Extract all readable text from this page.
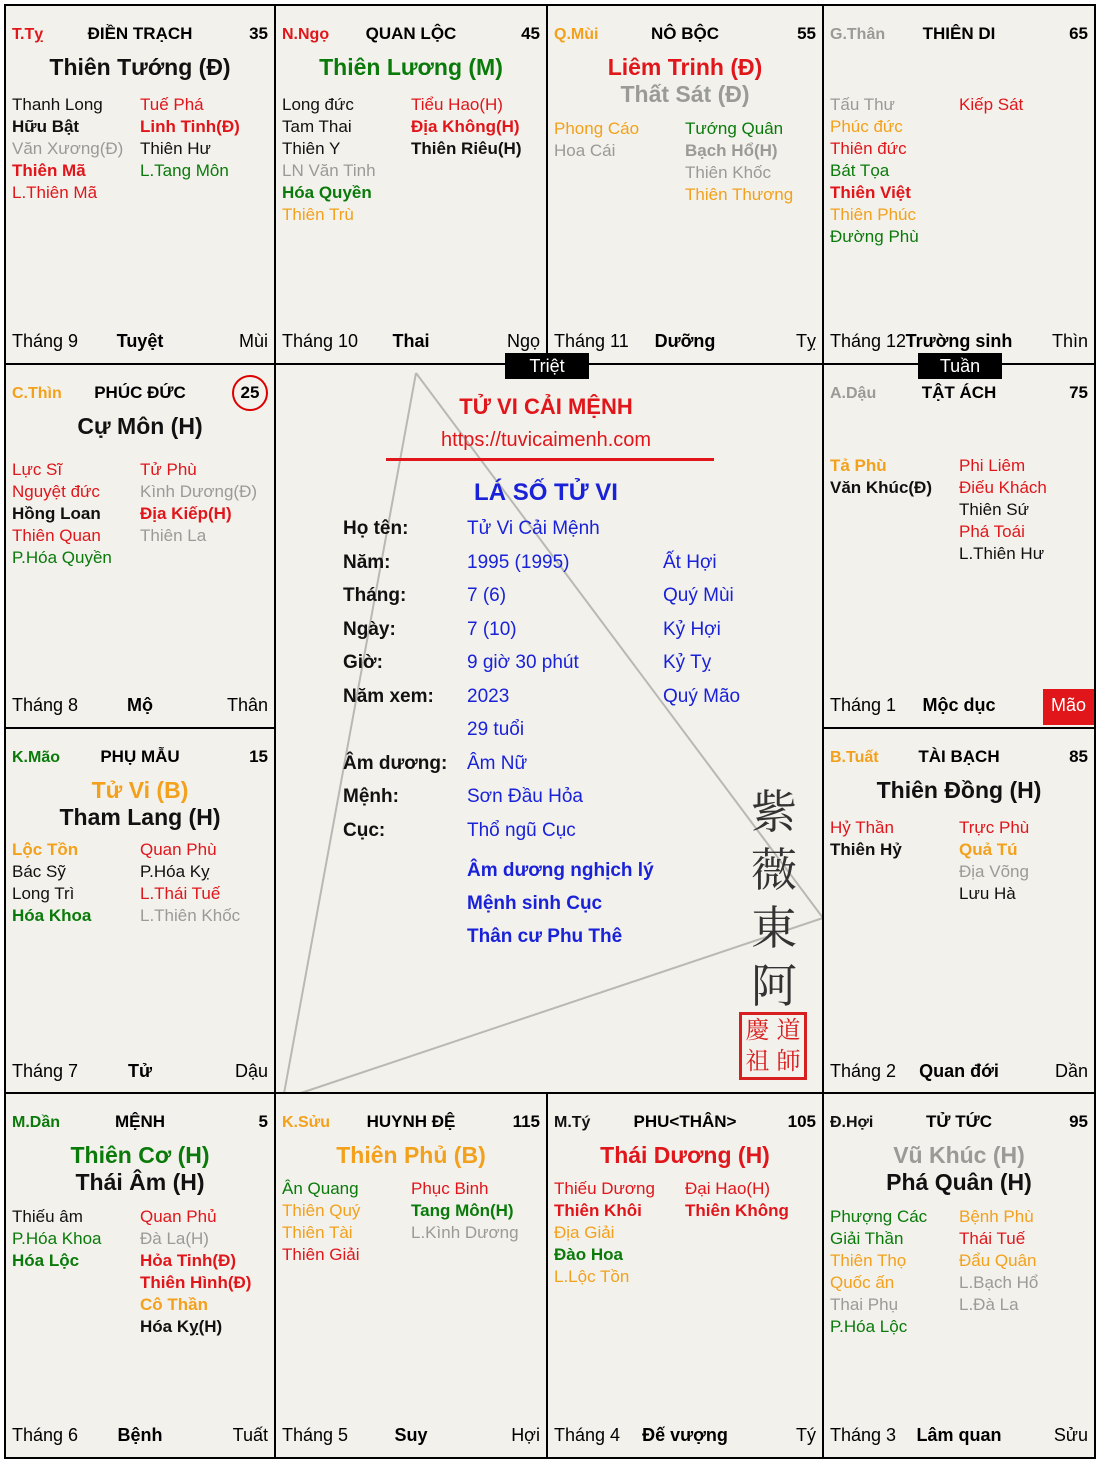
T.Tỵ	ĐIỀN TRẠCH	35
Thiên Tướng (Đ)
Thanh Long
Hữu Bật
Văn Xương(Đ)
Thiên Mã
L.Thiên Mã
Tuế Phá
Linh Tinh(Đ)
Thiên Hư
L.Tang Môn
Tháng 9	Tuyệt	Mùi
N.Ngọ	QUAN LỘC	45
Thiên Lương (M)
Long đức
Tam Thai
Thiên Y
LN Văn Tinh
Hóa Quyền
Thiên Trù
Tiểu Hao(H)
Địa Không(H)
Thiên Riêu(H)
Tháng 10	Thai	Ngọ
Q.Mùi	NÔ BỘC	55
Liêm Trinh (Đ)
Thất Sát (Đ)
Phong Cáo
Hoa Cái
Tướng Quân
Bạch Hổ(H)
Thiên Khốc
Thiên Thương
Tháng 11	Dưỡng	Tỵ
G.Thân	THIÊN DI	65
Tấu Thư
Phúc đức
Thiên đức
Bát Tọa
Thiên Việt
Thiên Phúc
Đường Phù
Kiếp Sát
Tháng 12 Trường sinh	Thìn
C.Thìn	PHÚC ĐỨC	25
Cự Môn (H)
Lực Sĩ
Nguyệt đức
Hồng Loan
Thiên Quan
P.Hóa Quyền
Tử Phù
Kình Dương(Đ)
Địa Kiếp(H)
Thiên La
Tháng 8	Mộ	Thân
A.Dậu	TẬT ÁCH	75
Tả Phù
Văn Khúc(Đ)
Phi Liêm
Điếu Khách
Thiên Sứ
Phá Toái
L.Thiên Hư
Tháng 1	Mộc dục	Mão
K.Mão	PHỤ MẪU	15
Tử Vi (B)
Tham Lang (H)
Lộc Tồn
Bác Sỹ
Long Trì
Hóa Khoa
Quan Phù
P.Hóa Kỵ
L.Thái Tuế
L.Thiên Khốc
Tháng 7	Tử	Dậu
B.Tuất	TÀI BẠCH	85
Thiên Đồng (H)
Hỷ Thần
Thiên Hỷ
Trực Phù
Quả Tú
Địa Võng
Lưu Hà
Tháng 2	Quan đới	Dần
M.Dần	MỆNH	5
Thiên Cơ (H)
Thái Âm (H)
Thiếu âm
P.Hóa Khoa
Hóa Lộc
Quan Phủ
Đà La(H)
Hỏa Tinh(Đ)
Thiên Hình(Đ)
Cô Thần
Hóa Kỵ(H)
Tháng 6	Bệnh	Tuất
K.Sửu	HUYNH ĐỆ	115
Thiên Phủ (B)
Ân Quang
Thiên Quý
Thiên Tài
Thiên Giải
Phục Binh
Tang Môn(H)
L.Kình Dương
Tháng 5	Suy	Hợi
M.Tý	PHU<THÂN>	105
Thái Dương (H)
Thiếu Dương
Thiên Khôi
Địa Giải
Đào Hoa
L.Lộc Tồn
Đại Hao(H)
Thiên Không
Tháng 4	Đế vượng	Tý
Đ.Hợi	TỬ TỨC	95
Vũ Khúc (H)
Phá Quân (H)
Phượng Các
Giải Thần
Thiên Thọ
Quốc ấn
Thai Phụ
P.Hóa Lộc
Bệnh Phù
Thái Tuế
Đẩu Quân
L.Bạch Hổ
L.Đà La
Tháng 3	Lâm quan	Sửu
Triệt	Tuần
TỬ VI CẢI MỆNH
https://tuvicaimenh.com
LÁ SỐ TỬ VI
Họ tên:	Tử Vi Cải Mệnh
Năm:	1995 (1995)	Ất Hợi
Tháng:	7 (6)	Quý Mùi
Ngày:	7 (10)	Kỷ Hợi
Giờ:	9 giờ 30 phút	Kỷ Tỵ
Năm xem: 2023	Quý Mão
29 tuổi
Âm dương: Âm Nữ
Mệnh:	Sơn Đầu Hỏa
Cục:	Thổ ngũ Cục
Âm dương nghịch lý
Mệnh sinh Cục
Thân cư Phu Thê
紫
薇
東
阿
慶 道
祖 師
